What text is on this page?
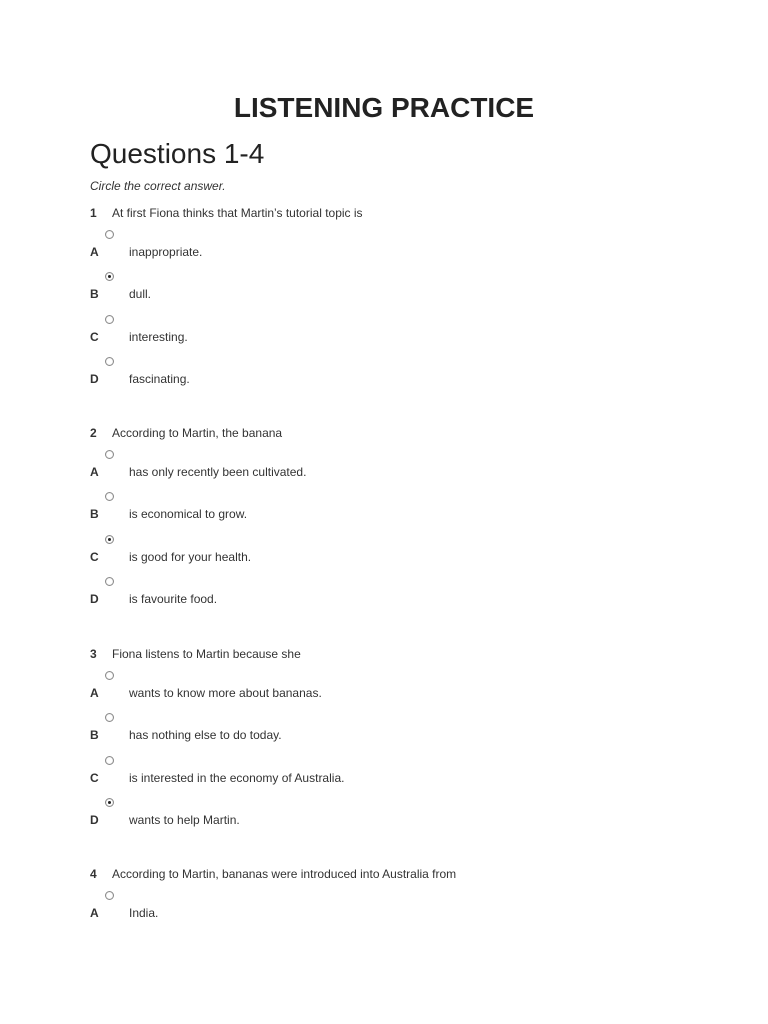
LISTENING PRACTICE
Questions 1-4
Circle the correct answer.
1 At first Fiona thinks that Martin’s tutorial topic is
A	inappropriate.
B	dull.
C	interesting.
D	fascinating.
2 According to Martin, the banana
A	has only recently been cultivated.
B	is economical to grow.
C	is good for your health.
D	is favourite food.
3 Fiona listens to Martin because she
A	wants to know more about bananas.
B	has nothing else to do today.
C	is interested in the economy of Australia.
D	wants to help Martin.
4 According to Martin, bananas were introduced into Australia from
A	India.
